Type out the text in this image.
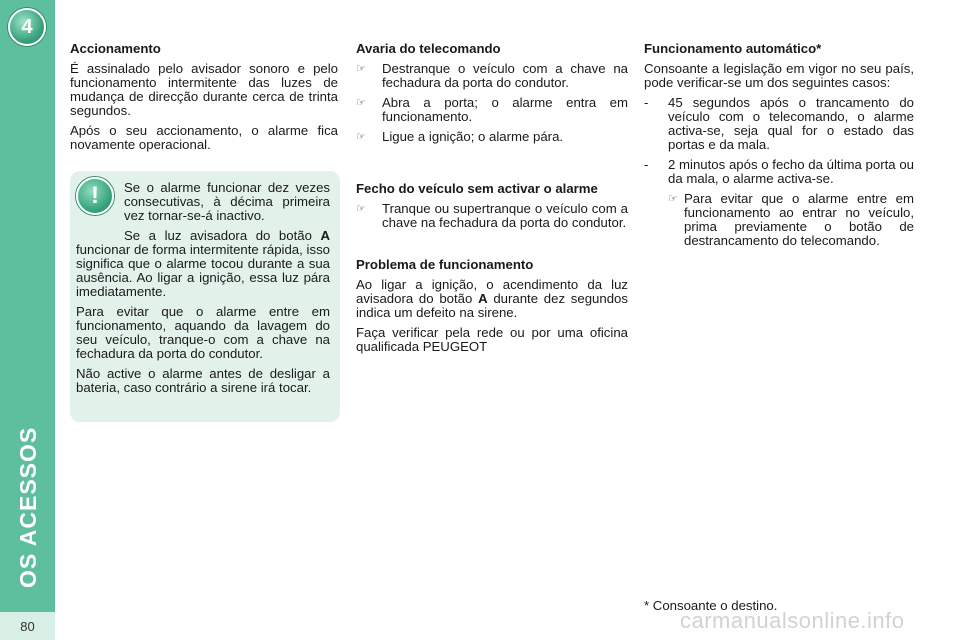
4
OS ACESSOS
80
Accionamento

É assinalado pelo avisador sonoro e pelo funcionamento intermitente das luzes de mudança de direcção durante cerca de trinta segundos.

Após o seu accionamento, o alarme fica novamente operacional.

!	Se o alarme funcionar dez vezes consecutivas, à décima primeira vez tornar-se-á inactivo.

Se a luz avisadora do botão A funcionar de forma intermitente rápida, isso significa que o alarme tocou durante a sua ausência. Ao ligar a ignição, essa luz pára imediatamente.

Para evitar que o alarme entre em funcionamento, aquando da lavagem do seu veículo, tranque-o com a chave na fechadura da porta do condutor.

Não active o alarme antes de desligar a bateria, caso contrário a sirene irá tocar.

Avaria do telecomando
☞	Destranque o veículo com a chave na fechadura da porta do condutor.
☞	Abra a porta; o alarme entra em funcionamento.
☞	Ligue a ignição; o alarme pára.
Fecho do veículo sem activar o alarme
☞	Tranque ou supertranque o veículo com a chave na fechadura da porta do condutor.
Problema de funcionamento

Ao ligar a ignição, o acendimento da luz avisadora do botão A durante dez segundos indica um defeito na sirene.

Faça verificar pela rede ou por uma oficina qualificada PEUGEOT

Funcionamento automático*

Consoante a legislação em vigor no seu país, pode verificar-se um dos seguintes casos:

-	45 segundos após o trancamento do veículo com o telecomando, o alarme activa-se, seja qual for o estado das portas e da mala.
-	2 minutos após o fecho da última porta ou da mala, o alarme activa-se.
☞ Para evitar que o alarme entre em funcionamento ao entrar no veículo, prima previamente o botão de destrancamento do telecomando.
* Consoante o destino.
carmanualsonline.info
